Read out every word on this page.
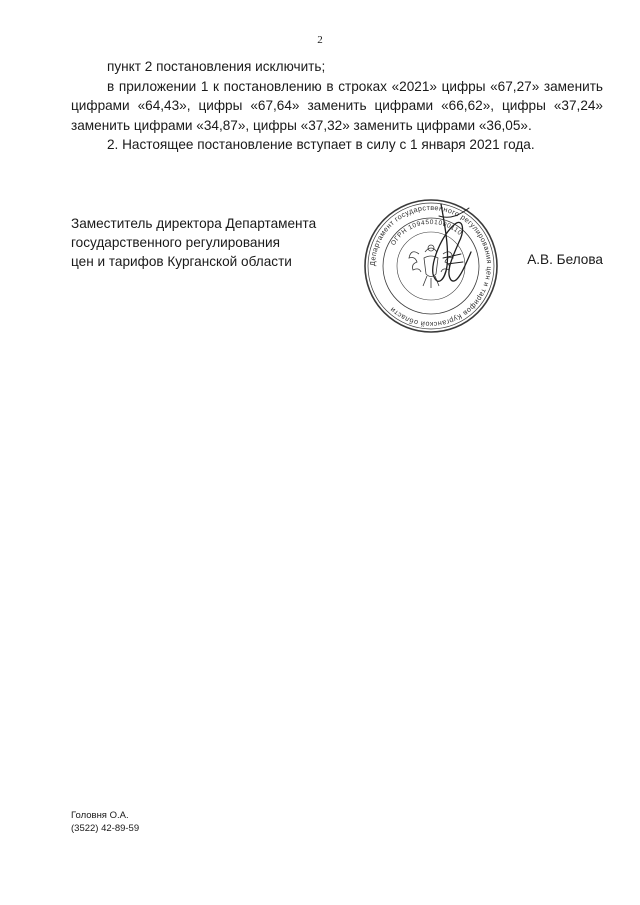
2

пункт 2 постановления исключить;

в приложении 1 к постановлению в строках «2021» цифры «67,27» заменить цифрами «64,43», цифры «67,64» заменить цифрами «66,62», цифры «37,24» заменить цифрами «34,87», цифры «37,32» заменить цифрами «36,05».

2. Настоящее постановление вступает в силу с 1 января 2021 года.

Заместитель директора Департамента
государственного регулирования
цен и тарифов Курганской области	Департамент государственного регулирования цен и тарифов Курганской области
ОГРН 1094501000110
А.В. Белова
Головня О.А.
(3522) 42-89-59
